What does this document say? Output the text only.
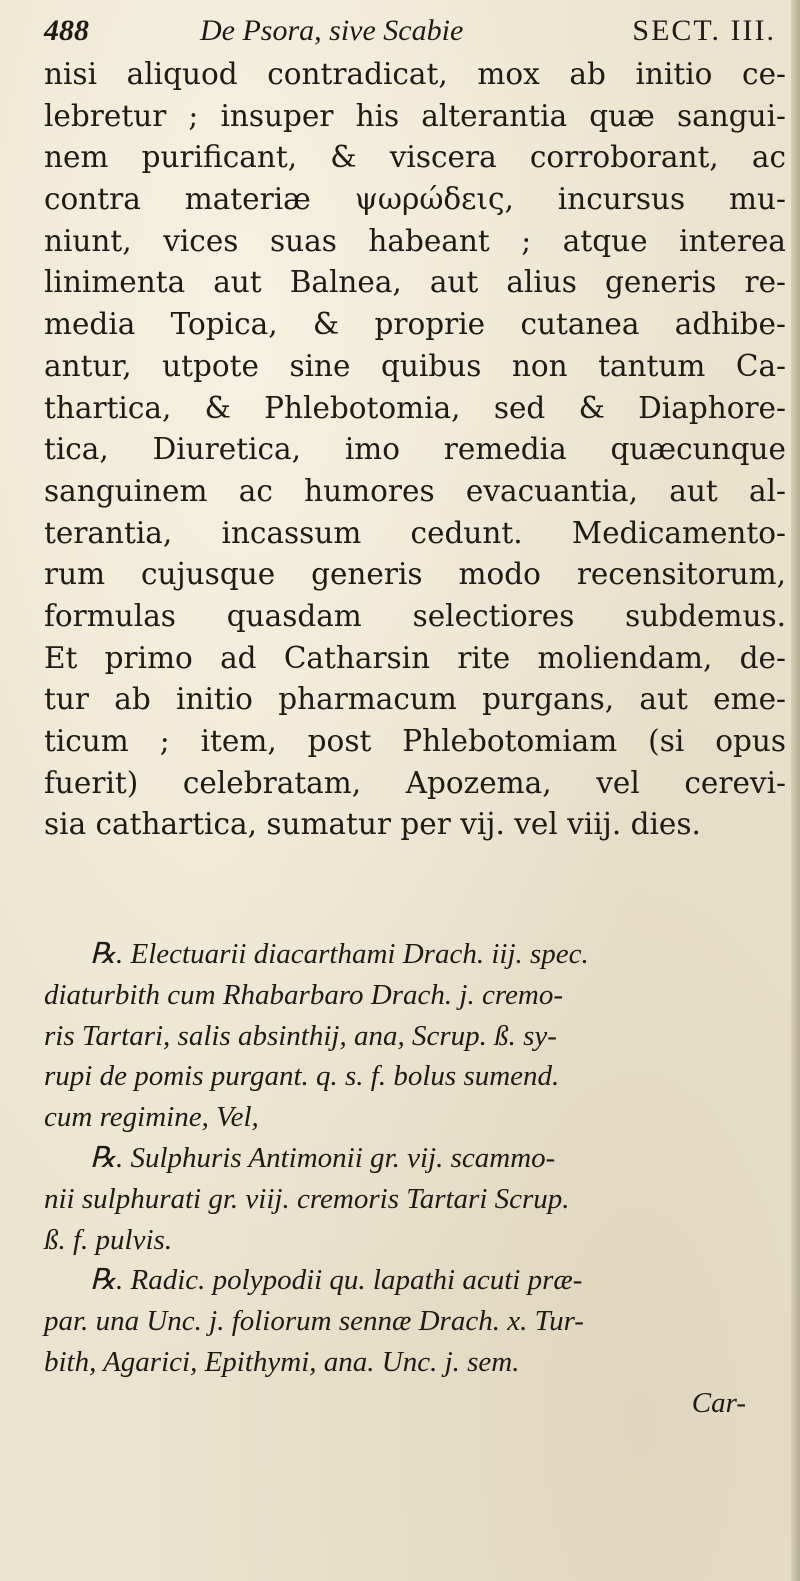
488	De Psora, sive Scabie	SECT. III.
nisi aliquod contradicat, mox ab initio ce-
lebretur ; insuper his alterantia quæ sangui-
nem purificant, & viscera corroborant, ac
contra materiæ ψωρώδεις, incursus mu-
niunt, vices suas habeant ; atque interea
linimenta aut Balnea, aut alius generis re-
media Topica, & proprie cutanea adhibe-
antur, utpote sine quibus non tantum Ca-
thartica, & Phlebotomia, sed & Diaphore-
tica, Diuretica, imo remedia quæcunque
sanguinem ac humores evacuantia, aut al-
terantia, incassum cedunt. Medicamento-
rum cujusque generis modo recensitorum,
formulas quasdam selectiores subdemus.
Et primo ad Catharsin rite moliendam, de-
tur ab initio pharmacum purgans, aut eme-
ticum ; item, post Phlebotomiam (si opus
fuerit) celebratam, Apozema, vel cerevi-
sia cathartica, sumatur per vij. vel viij. dies.
℞. Electuarii diacarthami Drach. iij. spec.
diaturbith cum Rhabarbaro Drach. j. cremo-
ris Tartari, salis absinthij, ana, Scrup. ß. sy-
rupi de pomis purgant. q. s. f. bolus sumend.
cum regimine, Vel,
℞. Sulphuris Antimonii gr. vij. scammo-
nii sulphurati gr. viij. cremoris Tartari Scrup.
ß. f. pulvis.
℞. Radic. polypodii qu. lapathi acuti præ-
par. una Unc. j. foliorum sennæ Drach. x. Tur-
bith, Agarici, Epithymi, ana. Unc. j. sem.
Car-
